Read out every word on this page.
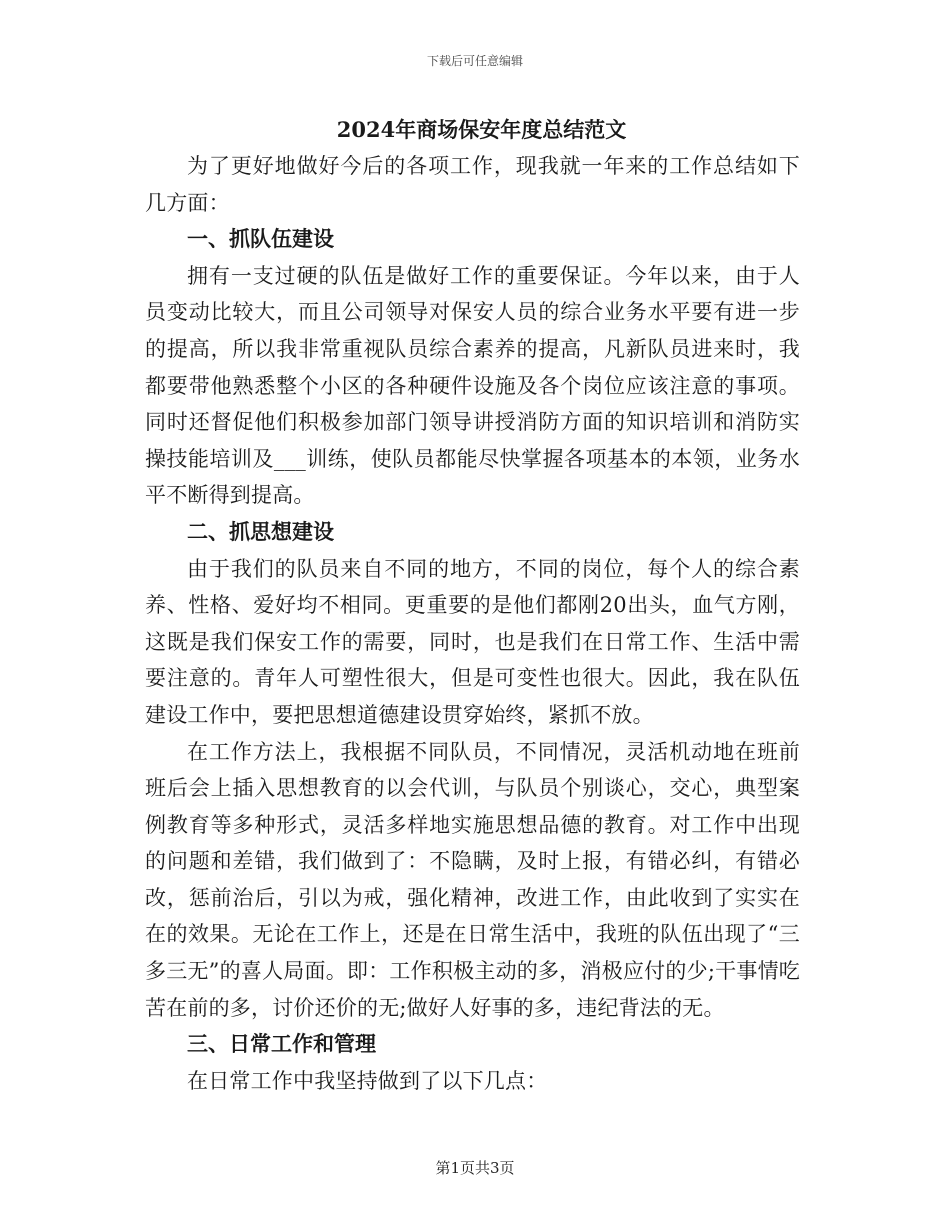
下载后可任意编辑
2024年商场保安年度总结范文

为了更好地做好今后的各项工作，现我就一年来的工作总结如下几方面：

一、抓队伍建设

拥有一支过硬的队伍是做好工作的重要保证。今年以来，由于人员变动比较大，而且公司领导对保安人员的综合业务水平要有进一步的提高，所以我非常重视队员综合素养的提高，凡新队员进来时，我都要带他熟悉整个小区的各种硬件设施及各个岗位应该注意的事项。同时还督促他们积极参加部门领导讲授消防方面的知识培训和消防实操技能培训及___训练，使队员都能尽快掌握各项基本的本领，业务水平不断得到提高。

二、抓思想建设

由于我们的队员来自不同的地方，不同的岗位，每个人的综合素养、性格、爱好均不相同。更重要的是他们都刚20出头，血气方刚，这既是我们保安工作的需要，同时，也是我们在日常工作、生活中需要注意的。青年人可塑性很大，但是可变性也很大。因此，我在队伍建设工作中，要把思想道德建设贯穿始终，紧抓不放。

在工作方法上，我根据不同队员，不同情况，灵活机动地在班前班后会上插入思想教育的以会代训，与队员个别谈心，交心，典型案例教育等多种形式，灵活多样地实施思想品德的教育。对工作中出现的问题和差错，我们做到了：不隐瞒，及时上报，有错必纠，有错必改，惩前治后，引以为戒，强化精神，改进工作，由此收到了实实在在的效果。无论在工作上，还是在日常生活中，我班的队伍出现了“三多三无”的喜人局面。即：工作积极主动的多，消极应付的少;干事情吃苦在前的多，讨价还价的无;做好人好事的多，违纪背法的无。

三、日常工作和管理

在日常工作中我坚持做到了以下几点：

第1页共3页
